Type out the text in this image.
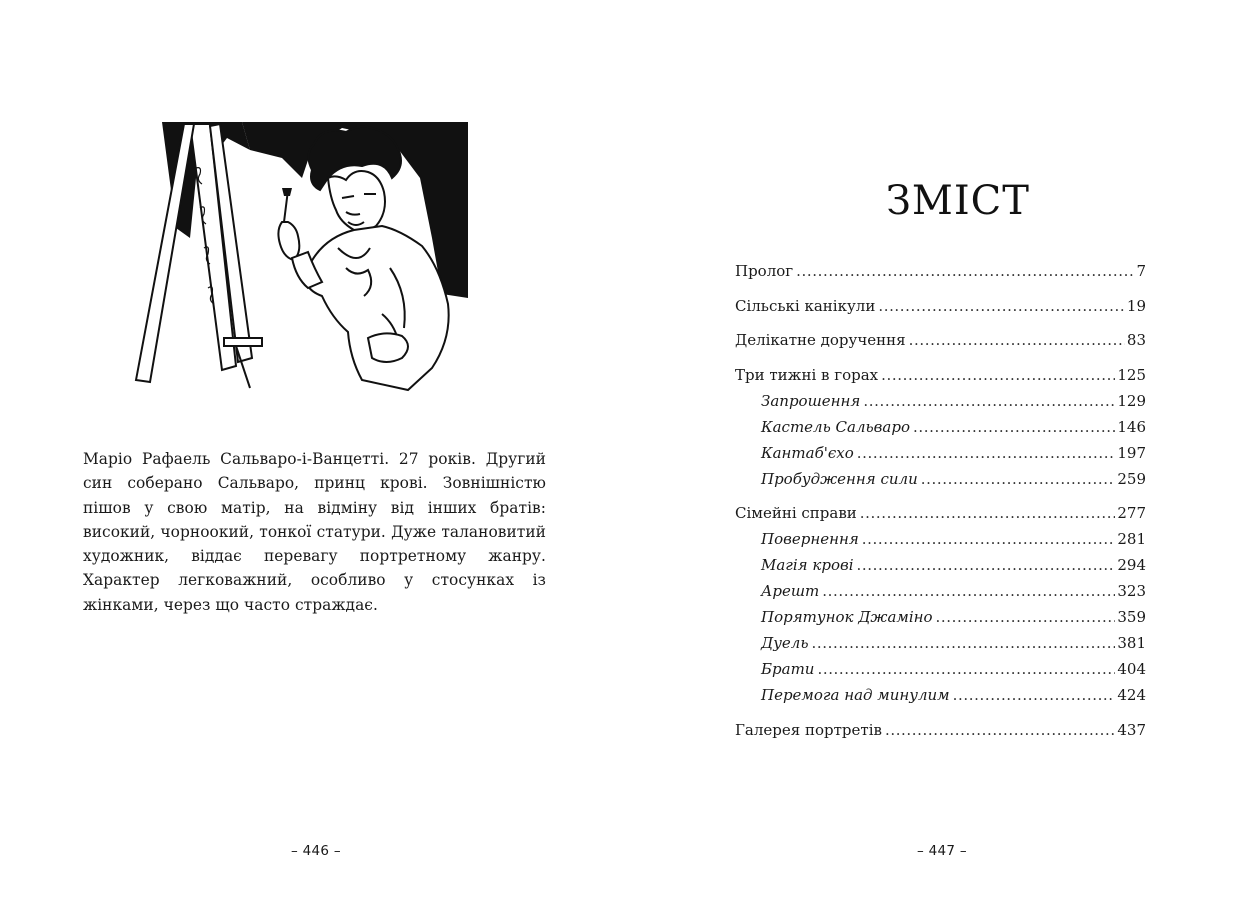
Маріо Рафаель Сальваро-і-Ванцетті. 27 років. Другий син соберано Сальваро, принц крові. Зовнішністю пішов у свою матір, на відміну від інших братів: високий, чорноокий, тонкої статури. Дуже талановитий художник, віддає перевагу портретному жанру. Характер легковажний, особливо у стосунках із жінками, через що часто страждає.
– 446 –
ЗМІСТ
Пролог .....	7
Сільські канікули .....	19
Делікатне доручення .....	83
Три тижні в горах .....	125
Запрошення .....	129
Кастель Сальваро .....	146
Кантаб'єхо .....	197
Пробудження сили .....	259
Сімейні справи .....	277
Повернення .....	281
Магія крові .....	294
Арешт .....	323
Порятунок Джаміно .....	359
Дуель .....	381
Брати .....	404
Перемога над минулим .....	424
Галерея портретів .....	437
– 447 –
